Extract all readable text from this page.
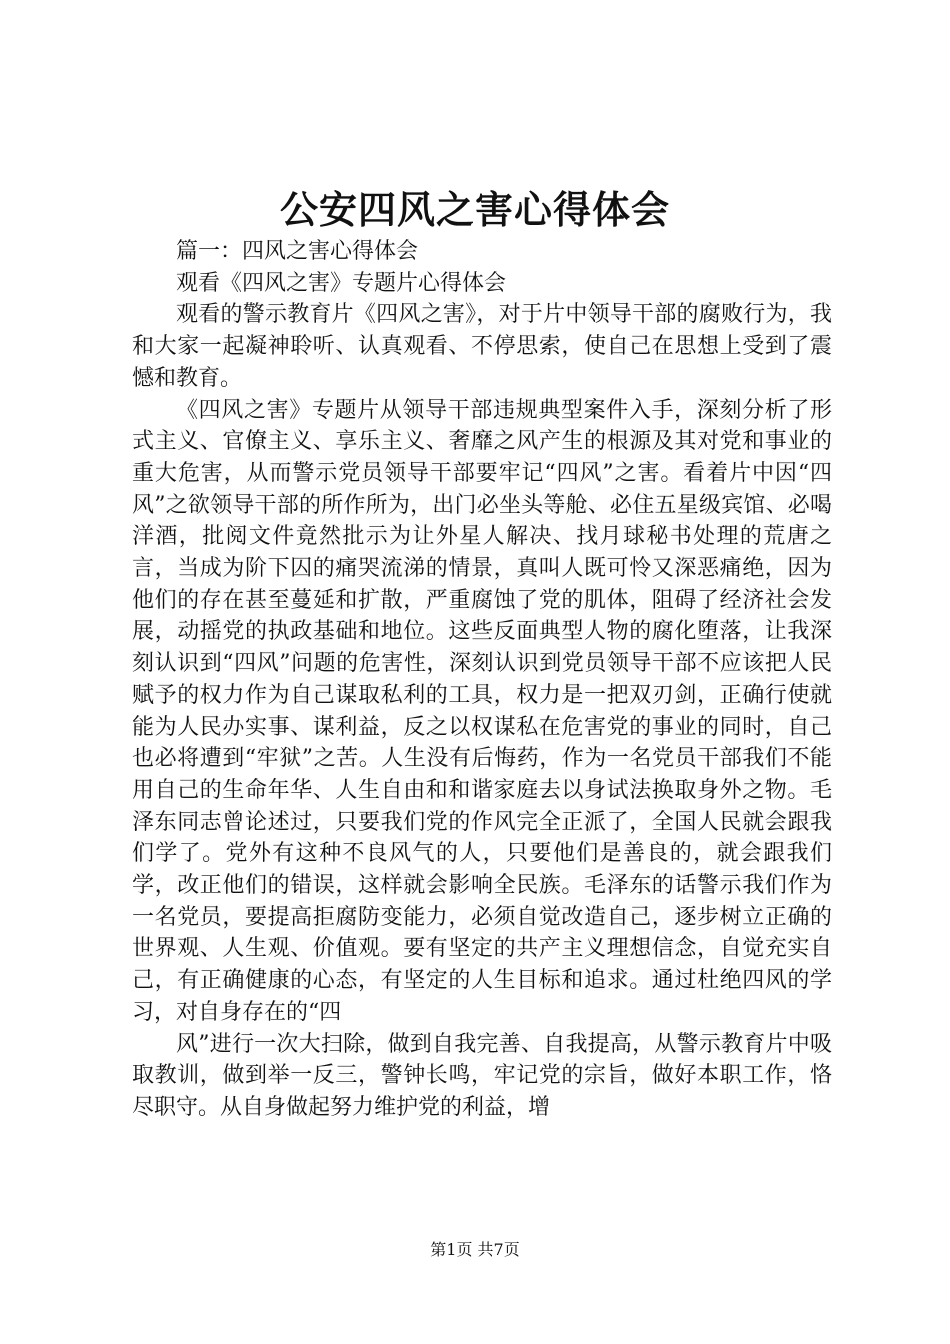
公安四风之害心得体会

篇一：四风之害心得体会

观看《四风之害》专题片心得体会

观看的警示教育片《四风之害》，对于片中领导干部的腐败行为，我和大家一起凝神聆听、认真观看、不停思索，使自己在思想上受到了震憾和教育。

《四风之害》专题片从领导干部违规典型案件入手，深刻分析了形式主义、官僚主义、享乐主义、奢靡之风产生的根源及其对党和事业的重大危害，从而警示党员领导干部要牢记“四风”之害。看着片中因“四风”之欲领导干部的所作所为，出门必坐头等舱、必住五星级宾馆、必喝洋酒，批阅文件竟然批示为让外星人解决、找月球秘书处理的荒唐之言，当成为阶下囚的痛哭流涕的情景，真叫人既可怜又深恶痛绝，因为他们的存在甚至蔓延和扩散，严重腐蚀了党的肌体，阻碍了经济社会发展，动摇党的执政基础和地位。这些反面典型人物的腐化堕落，让我深刻认识到“四风”问题的危害性，深刻认识到党员领导干部不应该把人民赋予的权力作为自己谋取私利的工具，权力是一把双刃剑，正确行使就能为人民办实事、谋利益，反之以权谋私在危害党的事业的同时，自己也必将遭到“牢狱”之苦。人生没有后悔药，作为一名党员干部我们不能用自己的生命年华、人生自由和和谐家庭去以身试法换取身外之物。毛泽东同志曾论述过，只要我们党的作风完全正派了，全国人民就会跟我们学了。党外有这种不良风气的人，只要他们是善良的，就会跟我们学，改正他们的错误，这样就会影响全民族。毛泽东的话警示我们作为一名党员，要提高拒腐防变能力，必须自觉改造自己，逐步树立正确的世界观、人生观、价值观。要有坚定的共产主义理想信念，自觉充实自己，有正确健康的心态，有坚定的人生目标和追求。通过杜绝四风的学习，对自身存在的“四

风”进行一次大扫除，做到自我完善、自我提高，从警示教育片中吸取教训，做到举一反三，警钟长鸣，牢记党的宗旨，做好本职工作，恪尽职守。从自身做起努力维护党的利益，增

第1页 共7页
